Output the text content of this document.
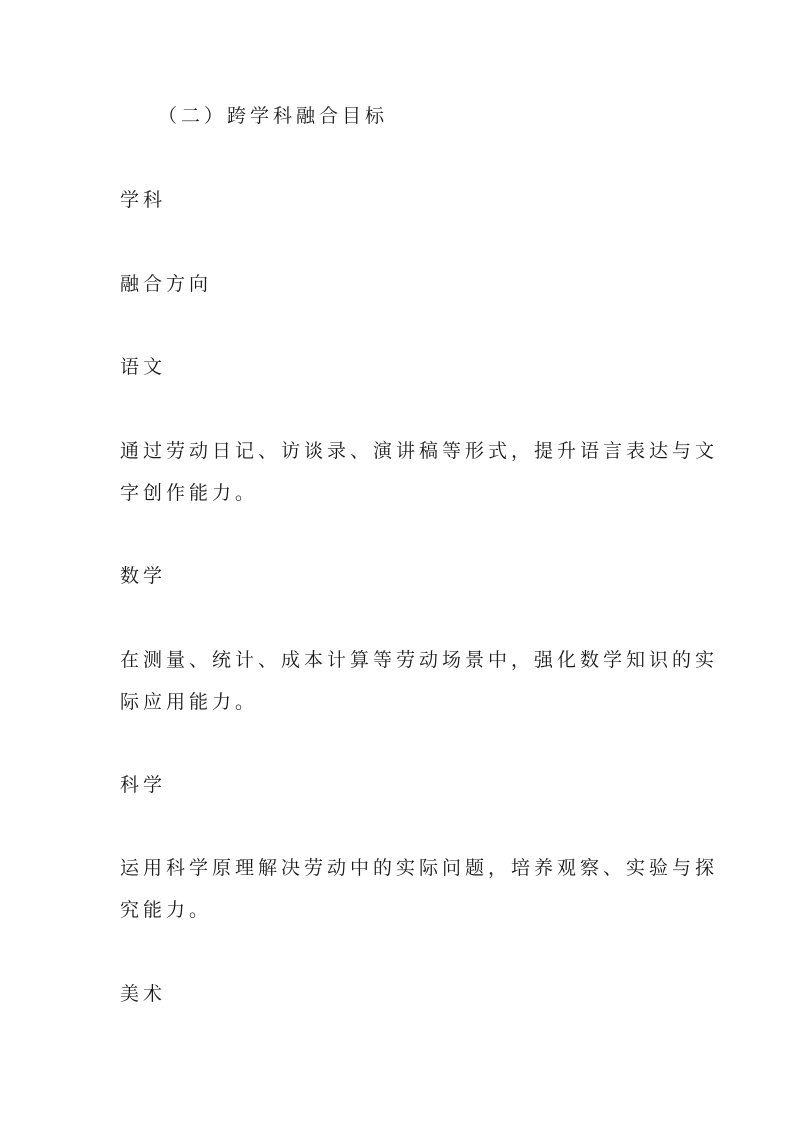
（二）跨学科融合目标
学科
融合方向
语文
通过劳动日记、访谈录、演讲稿等形式，提升语言表达与文
字创作能力。
数学
在测量、统计、成本计算等劳动场景中，强化数学知识的实
际应用能力。
科学
运用科学原理解决劳动中的实际问题，培养观察、实验与探
究能力。
美术
